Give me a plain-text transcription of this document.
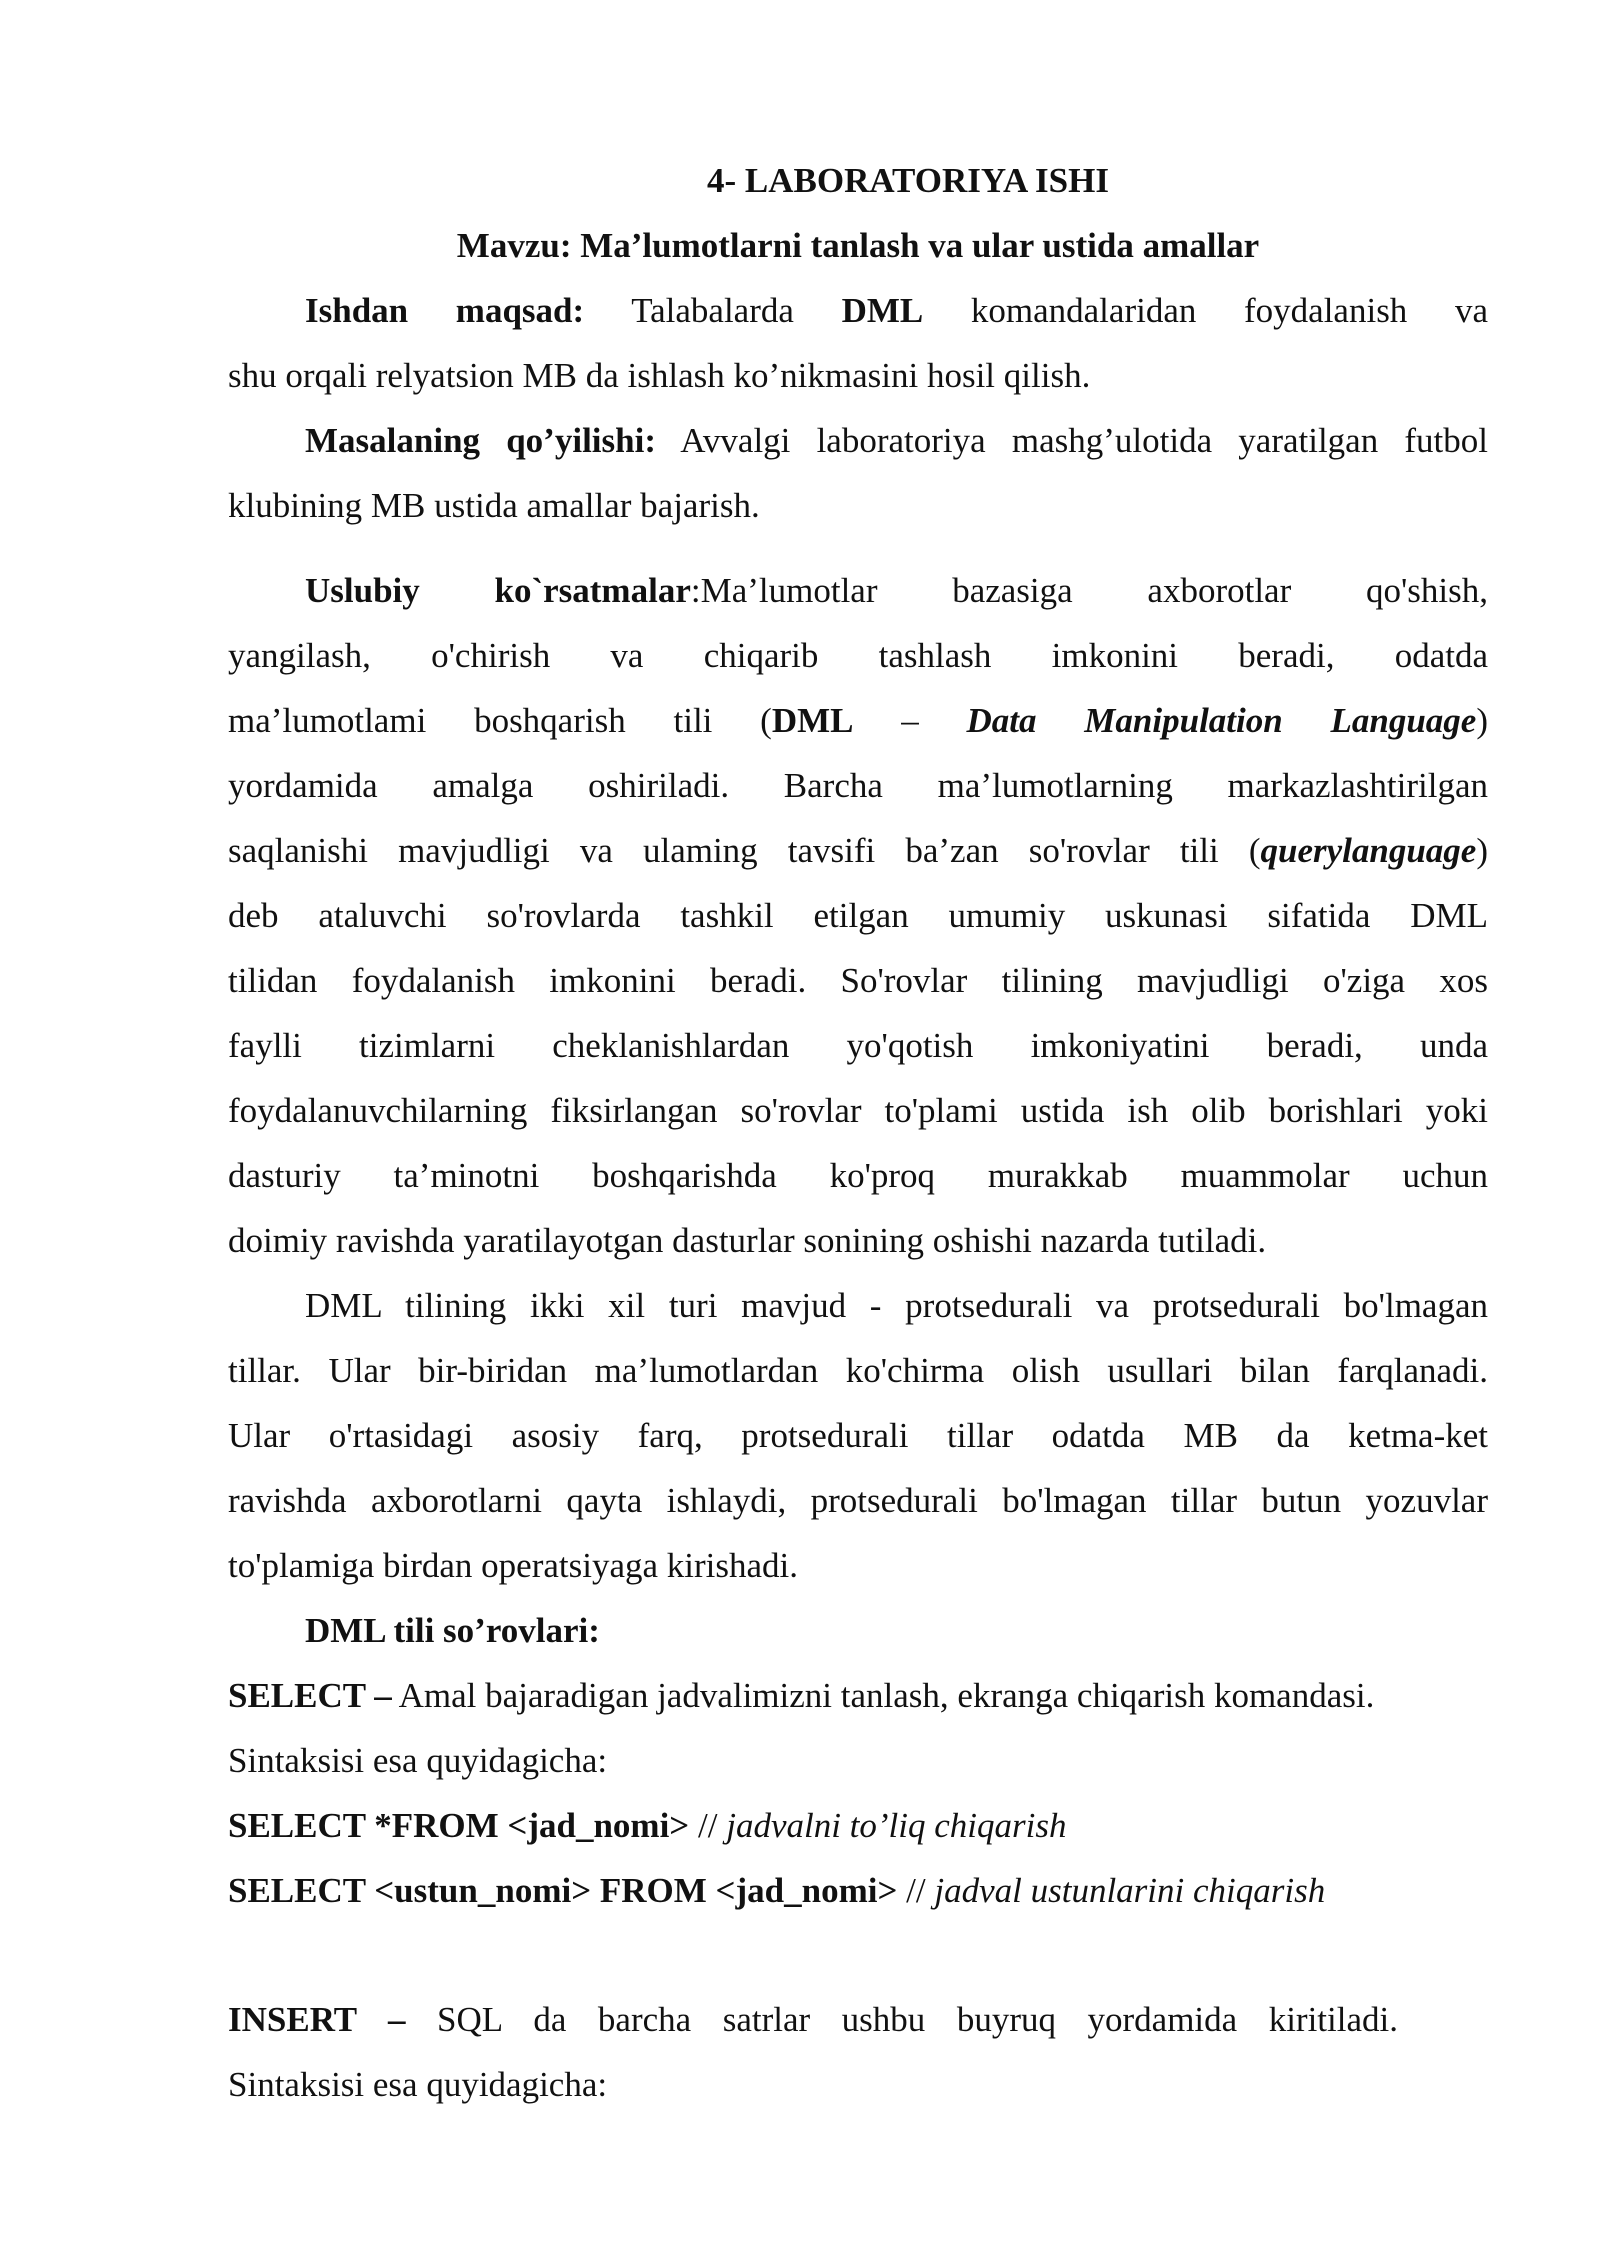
4- LABORATORIYA ISHI
Mavzu: Ma’lumotlarni tanlash va ular ustida amallar
Ishdan maqsad: Talabalarda DML komandalaridan foydalanish va
shu orqali relyatsion MB da ishlash ko’nikmasini hosil qilish.
Masalaning qo’yilishi: Avvalgi laboratoriya mashg’ulotida yaratilgan futbol
klubining MB ustida amallar bajarish.
Uslubiy ko`rsatmalar:Ma’lumotlar bazasiga axborotlar qo'shish,
yangilash, o'chirish va chiqarib tashlash imkonini beradi, odatda
ma’lumotlami boshqarish tili (DML – Data Manipulation Language)
yordamida amalga oshiriladi. Barcha ma’lumotlarning markazlashtirilgan
saqlanishi mavjudligi va ulaming tavsifi ba’zan so'rovlar tili (querylanguage)
deb ataluvchi so'rovlarda tashkil etilgan umumiy uskunasi sifatida DML
tilidan foydalanish imkonini beradi. So'rovlar tilining mavjudligi o'ziga xos
faylli tizimlarni cheklanishlardan yo'qotish imkoniyatini beradi, unda
foydalanuvchilarning fiksirlangan so'rovlar to'plami ustida ish olib borishlari yoki
dasturiy ta’minotni boshqarishda ko'proq murakkab muammolar uchun
doimiy ravishda yaratilayotgan dasturlar sonining oshishi nazarda tutiladi.
DML tilining ikki xil turi mavjud - protsedurali va protsedurali bo'lmagan
tillar. Ular bir-biridan ma’lumotlardan ko'chirma olish usullari bilan farqlanadi.
Ular o'rtasidagi asosiy farq, protsedurali tillar odatda MB da ketma-ket
ravishda axborotlarni qayta ishlaydi, protsedurali bo'lmagan tillar butun yozuvlar
to'plamiga birdan operatsiyaga kirishadi.
DML tili so’rovlari:
SELECT – Amal bajaradigan jadvalimizni tanlash, ekranga chiqarish komandasi.
Sintaksisi esa quyidagicha:
SELECT *FROM <jad_nomi> // jadvalni to’liq chiqarish
SELECT <ustun_nomi> FROM <jad_nomi> // jadval ustunlarini chiqarish
INSERT – SQL da barcha satrlar ushbu buyruq yordamida kiritiladi.
Sintaksisi esa quyidagicha:
